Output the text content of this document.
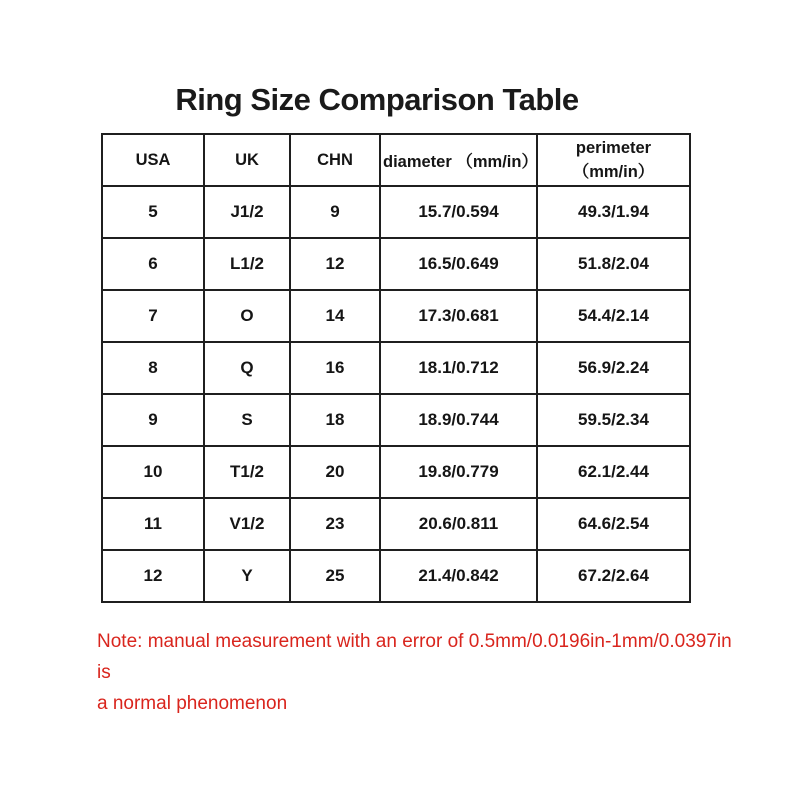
Ring Size Comparison Table
USA	UK	CHN	diameter （mm/in）	perimeter（mm/in）
5	J1/2	9	15.7/0.594	49.3/1.94
6	L1/2	12	16.5/0.649	51.8/2.04
7	O	14	17.3/0.681	54.4/2.14
8	Q	16	18.1/0.712	56.9/2.24
9	S	18	18.9/0.744	59.5/2.34
10	T1/2	20	19.8/0.779	62.1/2.44
11	V1/2	23	20.6/0.811	64.6/2.54
12	Y	25	21.4/0.842	67.2/2.64

Note: manual measurement with an error of 0.5mm/0.0196in-1mm/0.0397in is
a normal phenomenon
